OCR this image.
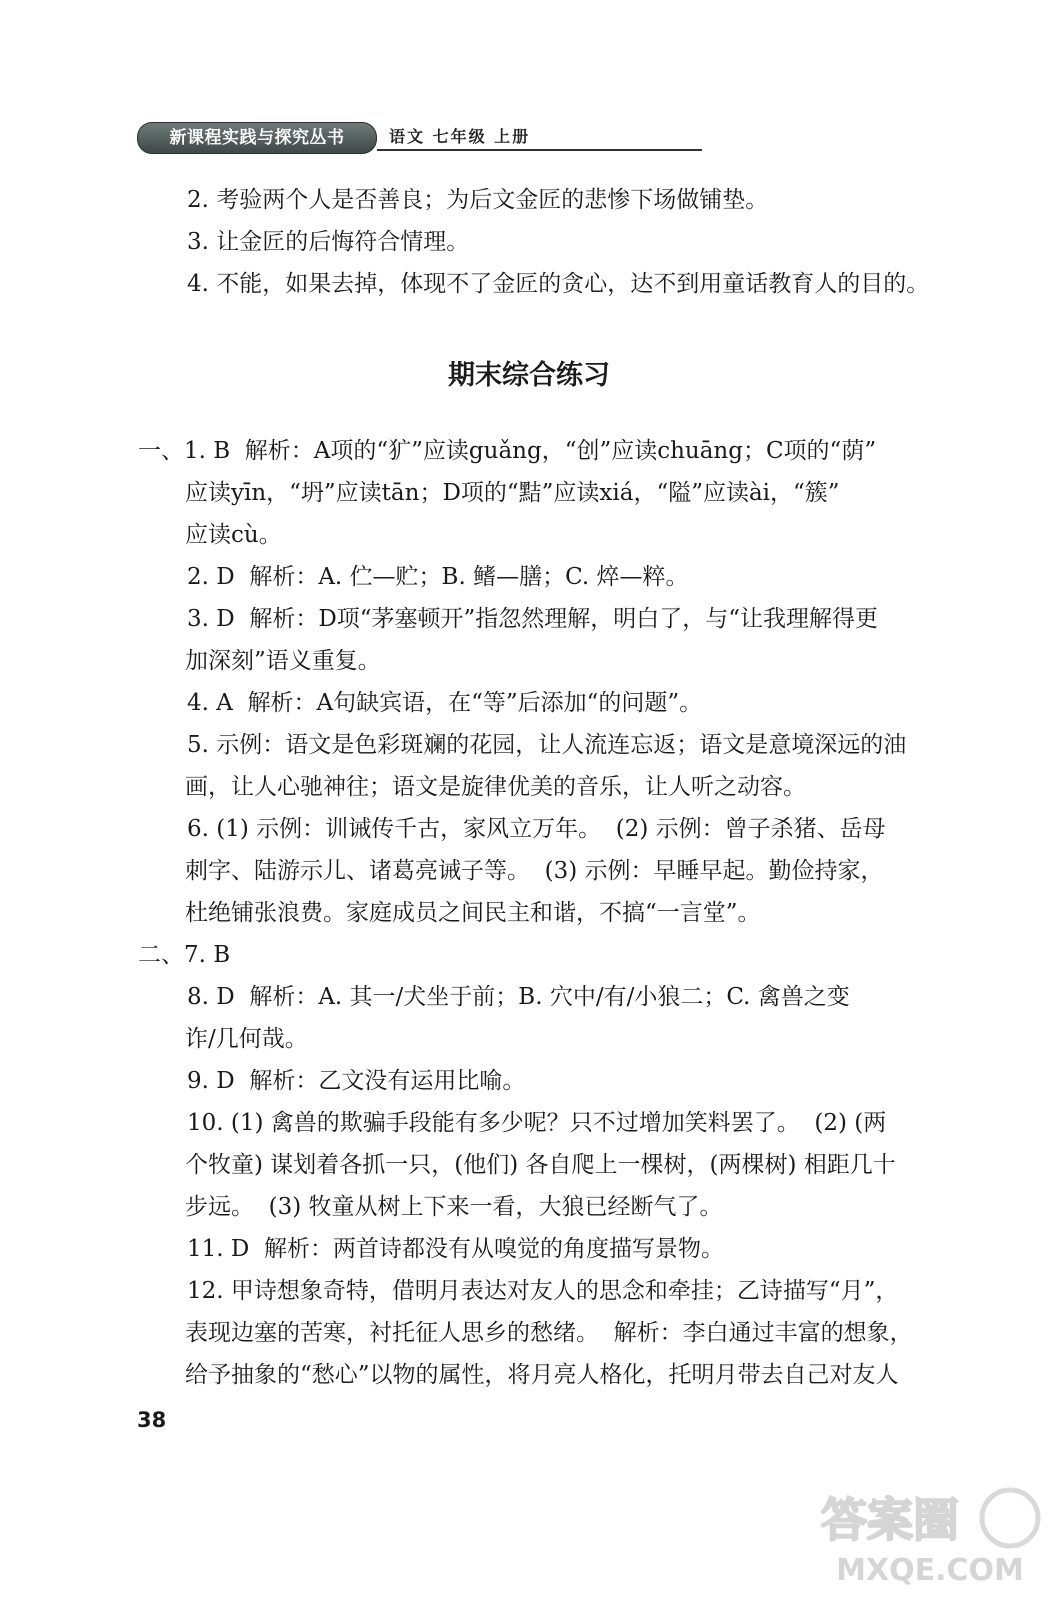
新课程实践与探究丛书	语文 七年级 上册
2. 考验两个人是否善良；为后文金匠的悲惨下场做铺垫。
3. 让金匠的后悔符合情理。
4. 不能，如果去掉，体现不了金匠的贪心，达不到用童话教育人的目的。
期末综合练习
一、1. B  解析：A项的“犷”应读guǎng，“创”应读chuāng；C项的“荫”
应读yīn，“坍”应读tān；D项的“黠”应读xiá，“隘”应读ài，“簇”
应读cù。
2. D  解析：A. 伫—贮；B. 鳍—膳；C. 焠—粹。
3. D  解析：D项“茅塞顿开”指忽然理解，明白了，与“让我理解得更
加深刻”语义重复。
4. A  解析：A句缺宾语，在“等”后添加“的问题”。
5. 示例：语文是色彩斑斓的花园，让人流连忘返；语文是意境深远的油
画，让人心驰神往；语文是旋律优美的音乐，让人听之动容。
6. (1) 示例：训诫传千古，家风立万年。  (2) 示例：曾子杀猪、岳母
刺字、陆游示儿、诸葛亮诫子等。  (3) 示例：早睡早起。勤俭持家，
杜绝铺张浪费。家庭成员之间民主和谐，不搞“一言堂”。
二、7. B
8. D  解析：A. 其一/犬坐于前；B. 穴中/有/小狼二；C. 禽兽之变
诈/几何哉。
9. D  解析：乙文没有运用比喻。
10. (1) 禽兽的欺骗手段能有多少呢？只不过增加笑料罢了。  (2) (两
个牧童) 谋划着各抓一只，(他们) 各自爬上一棵树，(两棵树) 相距几十
步远。  (3) 牧童从树上下来一看，大狼已经断气了。
11. D  解析：两首诗都没有从嗅觉的角度描写景物。
12. 甲诗想象奇特，借明月表达对友人的思念和牵挂；乙诗描写“月”，
表现边塞的苦寒，衬托征人思乡的愁绪。  解析：李白通过丰富的想象，
给予抽象的“愁心”以物的属性，将月亮人格化，托明月带去自己对友人
38
答案圈
MXQE.COM
